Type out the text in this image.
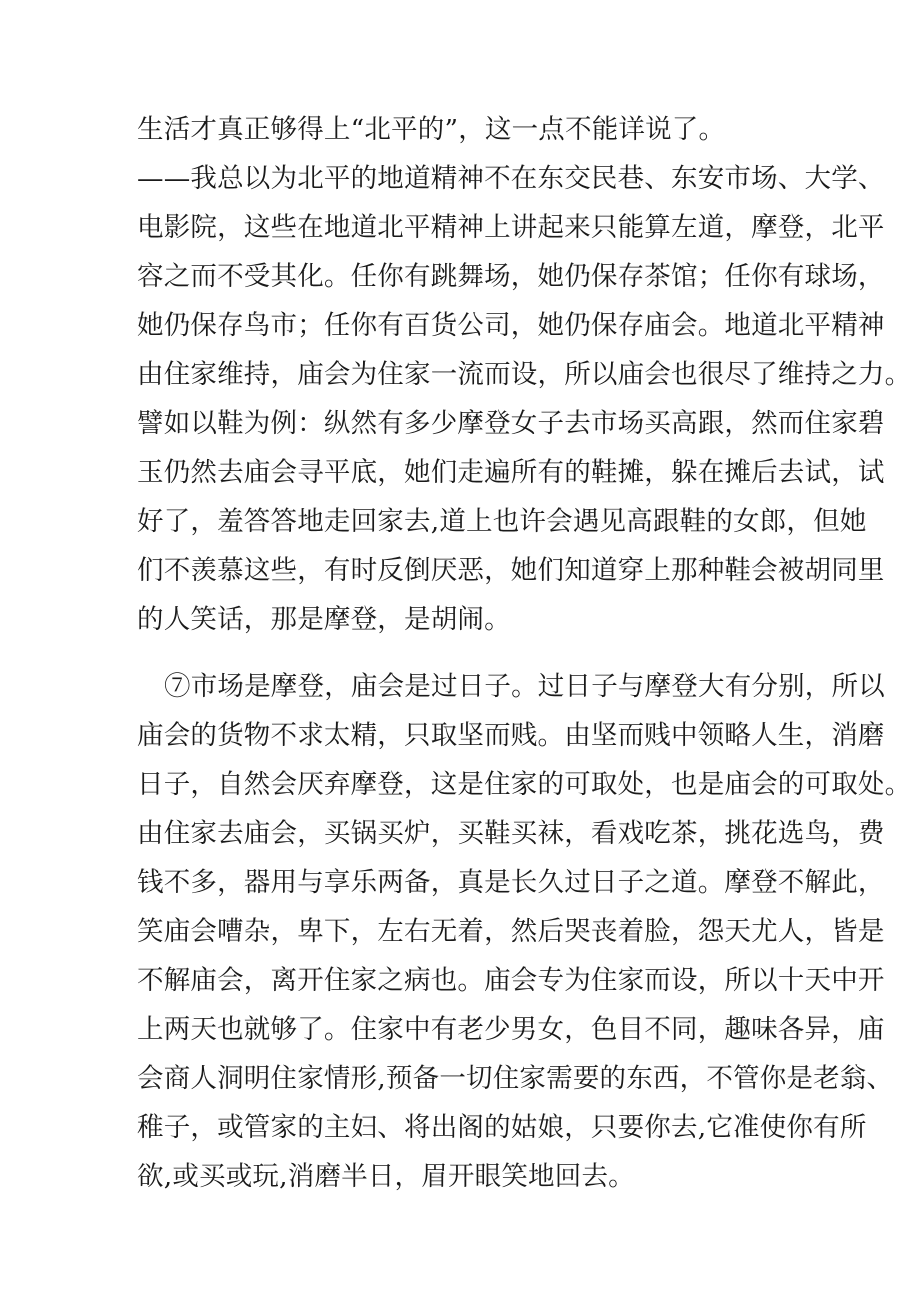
生活才真正够得上“北平的”，这一点不能详说了。
——我总以为北平的地道精神不在东交民巷、东安市场、大学、
电影院，这些在地道北平精神上讲起来只能算左道，摩登，北平
容之而不受其化。任你有跳舞场，她仍保存茶馆；任你有球场，
她仍保存鸟市；任你有百货公司，她仍保存庙会。地道北平精神
由住家维持，庙会为住家一流而设，所以庙会也很尽了维持之力。
譬如以鞋为例：纵然有多少摩登女子去市场买高跟，然而住家碧
玉仍然去庙会寻平底，她们走遍所有的鞋摊，躲在摊后去试，试
好了，羞答答地走回家去,道上也许会遇见高跟鞋的女郎，但她
们不羡慕这些，有时反倒厌恶，她们知道穿上那种鞋会被胡同里
的人笑话，那是摩登，是胡闹。
⑦市场是摩登，庙会是过日子。过日子与摩登大有分别，所以
庙会的货物不求太精，只取坚而贱。由坚而贱中领略人生，消磨
日子，自然会厌弃摩登，这是住家的可取处，也是庙会的可取处。
由住家去庙会，买锅买炉，买鞋买袜，看戏吃茶，挑花选鸟，费
钱不多，器用与享乐两备，真是长久过日子之道。摩登不解此，
笑庙会嘈杂，卑下，左右无着，然后哭丧着脸，怨天尤人，皆是
不解庙会，离开住家之病也。庙会专为住家而设，所以十天中开
上两天也就够了。住家中有老少男女，色目不同，趣味各异，庙
会商人洞明住家情形,预备一切住家需要的东西，不管你是老翁、
稚子，或管家的主妇、将出阁的姑娘，只要你去,它准使你有所
欲,或买或玩,消磨半日，眉开眼笑地回去。
